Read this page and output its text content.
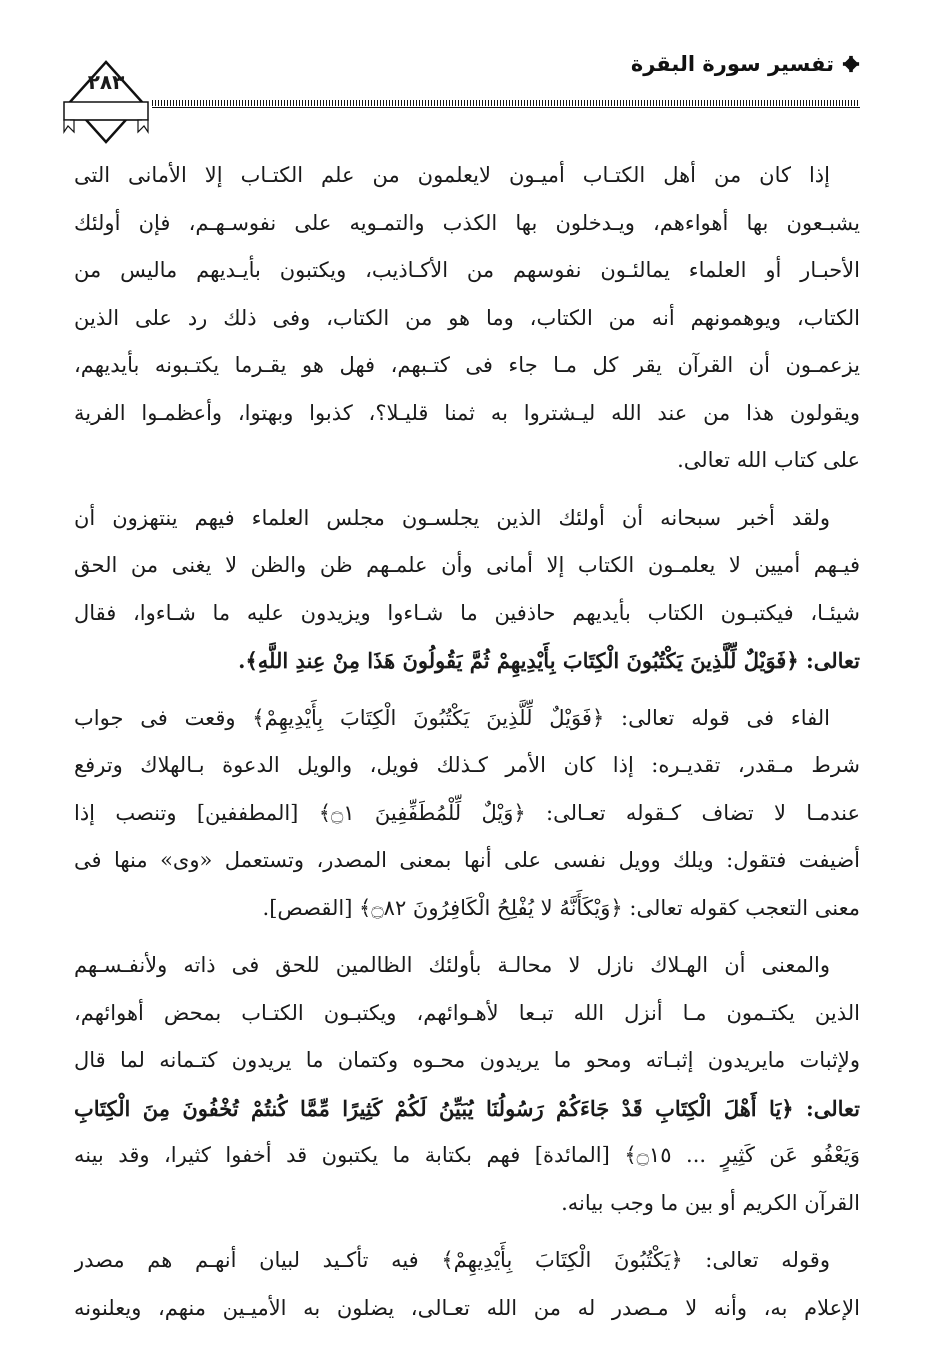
تفسير سورة البقرة
٢٨٣

إذا كان من أهل الكتـاب أميـون لايعلمون من علم الكتـاب إلا الأمانى التى
يشبـعون بها أهواءهم، ويـدخلون بها الكذب والتمـويه على نفوسـهـم، فإن أولئك
الأحبـار أو العلماء يمالئـون نفوسهم من الأكـاذيب، ويكتبون بأيـديهم ماليس من
الكتاب، ويوهمونهم أنه من الكتاب، وما هو من الكتاب، وفى ذلك رد على الذين
يزعمـون أن القرآن يقر كل مـا جاء فى كتـبهم، فهل هو يقـرما يكتـبونه بأيديهم،
ويقولون هذا من عند الله ليـشتروا به ثمنا قليـلا؟، كذبوا وبهتوا، وأعظمـوا الفرية
على كتاب الله تعالى.

ولقد أخبر سبحانه أن أولئك الذين يجلسـون مجلس العلماء فيهم ينتهزون أن
فيـهم أميين لا يعلمـون الكتاب إلا أمانى وأن علمـهم ظن والظن لا يغنى من الحق
شيئـا، فيكتبـون الكتاب بأيديهم حاذفين ما شـاءوا ويزيدون عليه ما شـاءوا، فقال
تعالى: ﴿فَوَيْلٌ لِّلَّذِينَ يَكْتُبُونَ الْكِتَابَ بِأَيْدِيهِمْ ثُمَّ يَقُولُونَ هَذَا مِنْ عِندِ اللَّهِ﴾.

الفاء فى قوله تعالى: ﴿فَوَيْلٌ لِّلَّذِينَ يَكْتُبُونَ الْكِتَابَ بِأَيْدِيهِمْ﴾ وقعت فى جواب
شرط مـقدر، تقديـره: إذا كان الأمر كـذلك فويل، والويل الدعوة بـالهلاك وترفع
عندمـا لا تضاف كـقوله تعـالى: ﴿وَيْلٌ لِّلْمُطَفِّفِينَ ۝١﴾ [المطففين] وتنصب إذا
أضيفت فتقول: ويلك وويل نفسى على أنها بمعنى المصدر، وتستعمل «وى» منها فى
معنى التعجب كقوله تعالى: ﴿وَيْكَأَنَّهُ لا يُفْلِحُ الْكَافِرُونَ ۝٨٢﴾ [القصص].

والمعنى أن الهـلاك نازل لا محالـة بأولئك الظالمين للحق فى ذاته ولأنفـسـهم
الذين يكتـمون مـا أنزل الله تبـعا لأهـوائهم، ويكتبـون الكتـاب بمحض أهوائهم،
ولإثبات مايريدون إثبـاته ومحو ما يريدون محـوه وكتمان ما يريدون كتـمانه لما قال
تعالى: ﴿يَا أَهْلَ الْكِتَابِ قَدْ جَاءَكُمْ رَسُولُنَا يُبَيِّنُ لَكُمْ كَثِيرًا مِّمَّا كُنتُمْ تُخْفُونَ مِنَ الْكِتَابِ
وَيَعْفُو عَن كَثِيرٍ ... ۝١٥﴾ [المائدة] فهم بكتابة ما يكتبون قد أخفوا كثيرا، وقد بينه
القرآن الكريم أو بين ما وجب بيانه.

وقوله تعالى: ﴿يَكْتُبُونَ الْكِتَابَ بِأَيْدِيهِمْ﴾ فيه تأكـيد لبيان أنهـم هم مصدر
الإعلام به، وأنه لا مـصدر له من الله تعـالى، يضلون به الأميـين منهم، ويعلنونه
